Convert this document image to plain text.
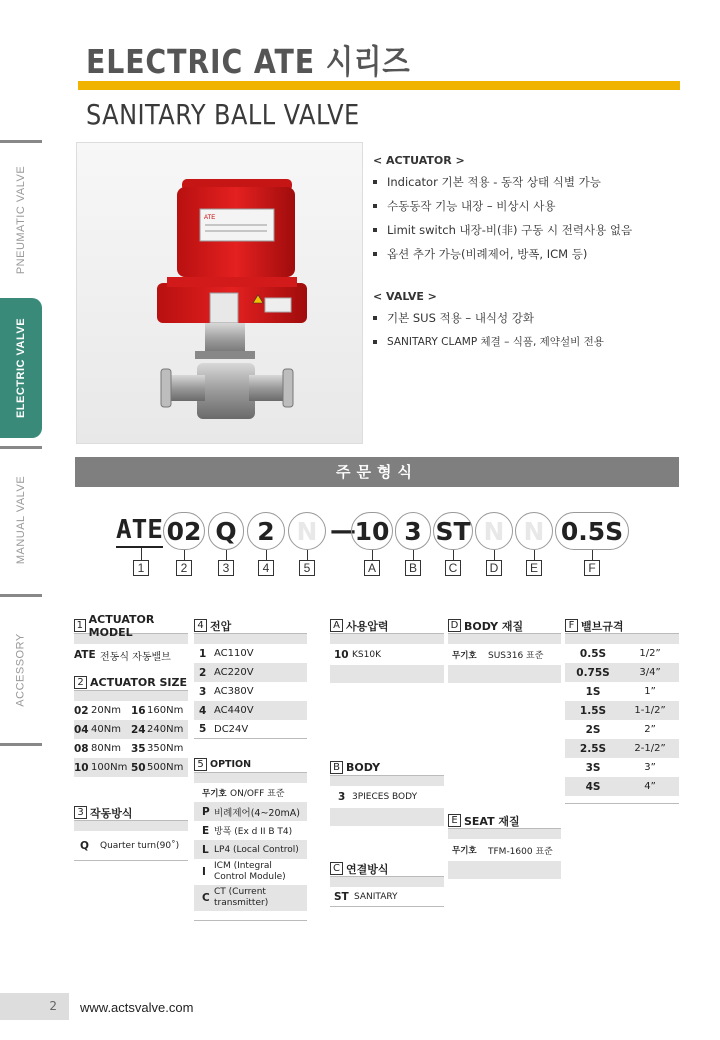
ELECTRIC ATE 시리즈
SANITARY BALL VALVE
PNEUMATIC VALVE
ELECTRIC VALVE
MANUAL VALVE
ACCESSORY
ATE
< ACTUATOR >
Indicator 기본 적용 - 동작 상태 식별 가능
수동동작 기능 내장 – 비상시 사용
Limit switch 내장-비(非) 구동 시 전력사용 없음
옵션 추가 가능(비례제어, 방폭, ICM 등)
< VALVE >
기본 SUS 적용 – 내식성 강화
SANITARY CLAMP 체결 – 식품, 제약설비 전용
주문형식
ATE 02 Q 2 N —
10 3 ST N N 0.5S
1	2	3	4	5	A	B	C	D	E	F
1 ACTUATOR MODEL
ATE 전동식 자동밸브
2 ACTUATOR SIZE
02 20Nm 16 160Nm
04 40Nm 24 240Nm
08 80Nm 35 350Nm
10 100Nm 50 500Nm
3 작동방식
Q	Quarter turn(90˚)
4 전압
1 AC110V
2 AC220V
3 AC380V
4 AC440V
5 DC24V
5 OPTION
무기호 ON/OFF 표준
P 비례제어(4~20mA)
E 방폭 (Ex d II B T4)
L LP4 (Local Control)
I ICM (Integral Control Module)
C CT (Current transmitter)
A 사용압력
10 KS10K
B BODY
3 3PIECES BODY
C 연결방식
ST SANITARY
D BODY 재질
무기호	SUS316 표준
E SEAT 재질
무기호	TFM-1600 표준
F 밸브규격
0.5S	1/2”
0.75S	3/4”
1S	1”
1.5S	1-1/2”
2S	2”
2.5S	2-1/2”
3S	3”
4S	4”
2	www.actsvalve.com
